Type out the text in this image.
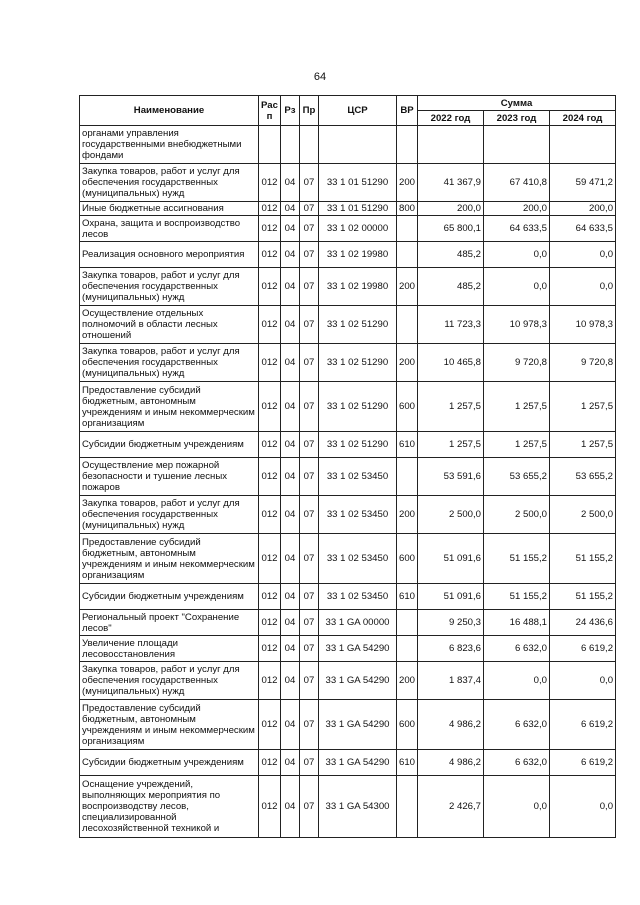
64
Наименование	Рас п	Рз	Пр	ЦСР	ВР	Сумма		
						2022 год	2023 год	2024 год
органами управления государственными внебюджетными фондами								
Закупка товаров, работ и услуг для обеспечения государственных (муниципальных) нужд	012	04	07	33 1 01 51290	200	41 367,9	67 410,8	59 471,2
Иные бюджетные ассигнования	012	04	07	33 1 01 51290	800	200,0	200,0	200,0
Охрана, защита и воспроизводство лесов	012	04	07	33 1 02 00000		65 800,1	64 633,5	64 633,5
Реализация основного мероприятия	012	04	07	33 1 02 19980		485,2	0,0	0,0
Закупка товаров, работ и услуг для обеспечения государственных (муниципальных) нужд	012	04	07	33 1 02 19980	200	485,2	0,0	0,0
Осуществление отдельных полномочий в области лесных отношений	012	04	07	33 1 02 51290		11 723,3	10 978,3	10 978,3
Закупка товаров, работ и услуг для обеспечения государственных (муниципальных) нужд	012	04	07	33 1 02 51290	200	10 465,8	9 720,8	9 720,8
Предоставление субсидий бюджетным, автономным учреждениям и иным некоммерческим организациям	012	04	07	33 1 02 51290	600	1 257,5	1 257,5	1 257,5
Субсидии бюджетным учреждениям	012	04	07	33 1 02 51290	610	1 257,5	1 257,5	1 257,5
Осуществление мер пожарной безопасности и тушение лесных пожаров	012	04	07	33 1 02 53450		53 591,6	53 655,2	53 655,2
Закупка товаров, работ и услуг для обеспечения государственных (муниципальных) нужд	012	04	07	33 1 02 53450	200	2 500,0	2 500,0	2 500,0
Предоставление субсидий бюджетным, автономным учреждениям и иным некоммерческим организациям	012	04	07	33 1 02 53450	600	51 091,6	51 155,2	51 155,2
Субсидии бюджетным учреждениям	012	04	07	33 1 02 53450	610	51 091,6	51 155,2	51 155,2
Региональный проект "Сохранение лесов"	012	04	07	33 1 GA 00000		9 250,3	16 488,1	24 436,6
Увеличение площади лесовосстановления	012	04	07	33 1 GA 54290		6 823,6	6 632,0	6 619,2
Закупка товаров, работ и услуг для обеспечения государственных (муниципальных) нужд	012	04	07	33 1 GA 54290	200	1 837,4	0,0	0,0
Предоставление субсидий бюджетным, автономным учреждениям и иным некоммерческим организациям	012	04	07	33 1 GA 54290	600	4 986,2	6 632,0	6 619,2
Субсидии бюджетным учреждениям	012	04	07	33 1 GA 54290	610	4 986,2	6 632,0	6 619,2
Оснащение учреждений, выполняющих мероприятия по воспроизводству лесов, специализированной лесохозяйственной техникой и	012	04	07	33 1 GA 54300		2 426,7	0,0	0,0
